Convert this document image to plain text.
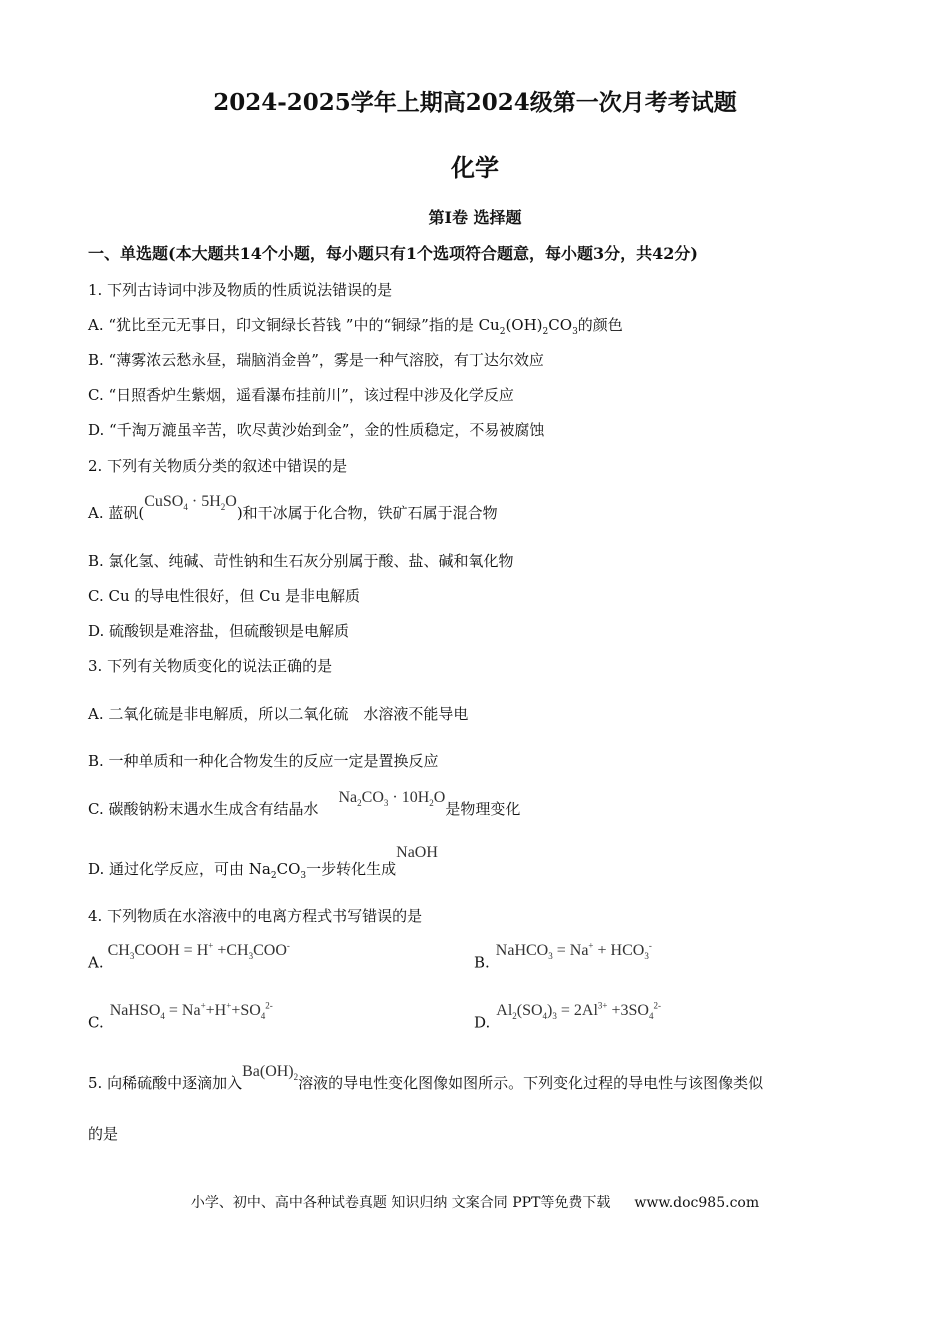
2024-2025学年上期高2024级第一次月考考试题
化学
第Ⅰ卷 选择题
一、单选题(本大题共14个小题，每小题只有1个选项符合题意，每小题3分，共42分)
1. 下列古诗词中涉及物质的性质说法错误的是
A. “犹比至元无事日，印文铜绿长苔钱 ”中的“铜绿”指的是 $Cu_2(OH)_2CO_3$的颜色
B. “薄雾浓云愁永昼，瑞脑消金兽”，雾是一种气溶胶，有丁达尔效应
C. “日照香炉生紫烟，遥看瀑布挂前川”，该过程中涉及化学反应
D. “千淘万漉虽辛苦，吹尽黄沙始到金”，金的性质稳定，不易被腐蚀
2. 下列有关物质分类的叙述中错误的是
A. 蓝矾(CuSO$_4$ · $5H_2O$)和干冰属于化合物，铁矿石属于混合物
B. 氯化氢、纯碱、苛性钠和生石灰分别属于酸、盐、碱和氧化物
C. Cu 的导电性很好，但 Cu 是非电解质
D. 硫酸钡是难溶盐，但硫酸钡是电解质
3. 下列有关物质变化的说法正确的是
A. 二氧化硫是非电解质，所以二氧化硫　水溶液不能导电
B. 一种单质和一种化合物发生的反应一定是置换反应
C. 碳酸钠粉末遇水生成含有结晶水$Na_2CO_3 \cdot 10H_2O$是物理变化
D. 通过化学反应，可由 $Na_2CO_3$一步转化生成NaOH
4. 下列物质在水溶液中的电离方程式书写错误的是
$A.CH_3COOH = H^+ +CH_3COO^-$
B.NaHCO$_3$ = $Na^+ + HCO_3^-$
C.NaHSO$_4$ = $Na^++H^++SO_4^{2-}$
$D.Al_2(SO_4)_3 = 2Al^{3+} +3SO_4^{2-}$
5. 向稀硫酸中逐滴加入$Ba(OH)_2$溶液的导电性变化图像如图所示。下列变化过程的导电性与该图像类似
的是
小学、初中、高中各种试卷真题 知识归纳 文案合同 PPT等免费下载 www.doc985.com
